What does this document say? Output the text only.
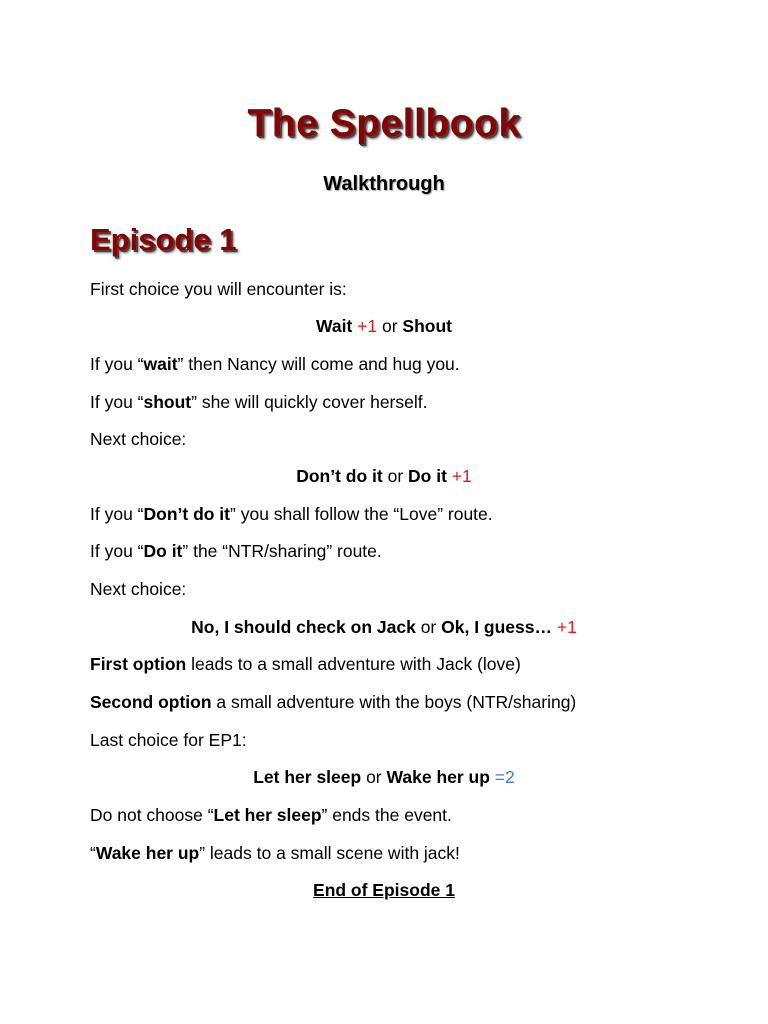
The Spellbook
Walkthrough
Episode 1
First choice you will encounter is:
Wait +1 or Shout
If you “wait” then Nancy will come and hug you.
If you “shout” she will quickly cover herself.
Next choice:
Don’t do it or Do it +1
If you “Don’t do it” you shall follow the “Love” route.
If you “Do it” the “NTR/sharing” route.
Next choice:
No, I should check on Jack or Ok, I guess… +1
First option leads to a small adventure with Jack (love)
Second option a small adventure with the boys (NTR/sharing)
Last choice for EP1:
Let her sleep or Wake her up =2
Do not choose “Let her sleep” ends the event.
“Wake her up” leads to a small scene with jack!
End of Episode 1
